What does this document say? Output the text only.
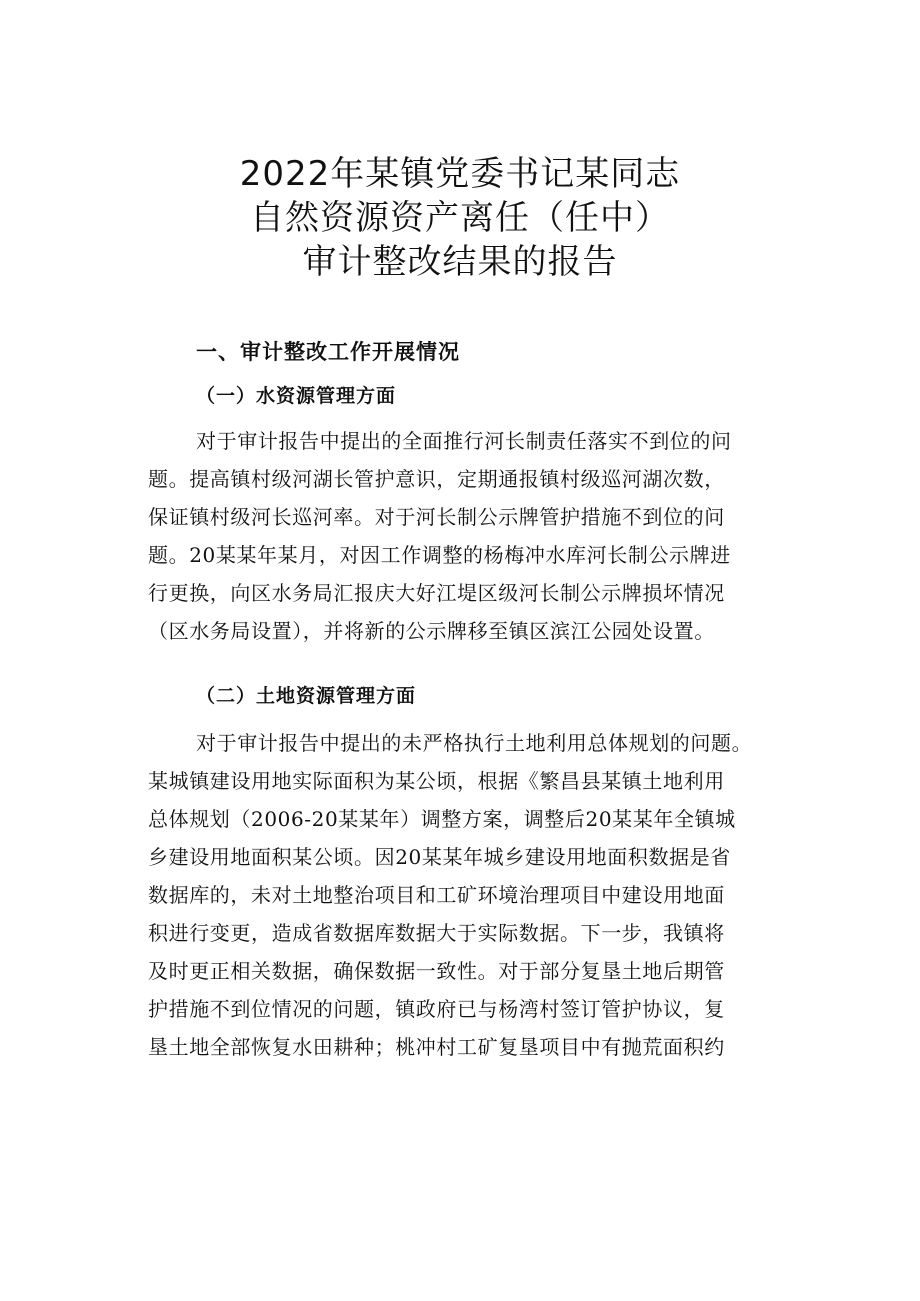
2022年某镇党委书记某同志
自然资源资产离任（任中）
审计整改结果的报告
一、审计整改工作开展情况
（一）水资源管理方面
对于审计报告中提出的全面推行河长制责任落实不到位的问
题。提高镇村级河湖长管护意识，定期通报镇村级巡河湖次数，
保证镇村级河长巡河率。对于河长制公示牌管护措施不到位的问
题。20某某年某月，对因工作调整的杨梅冲水库河长制公示牌进
行更换，向区水务局汇报庆大好江堤区级河长制公示牌损坏情况
（区水务局设置），并将新的公示牌移至镇区滨江公园处设置。
（二）土地资源管理方面
对于审计报告中提出的未严格执行土地利用总体规划的问题。
某城镇建设用地实际面积为某公顷，根据《繁昌县某镇土地利用
总体规划（2006-20某某年）调整方案，调整后20某某年全镇城
乡建设用地面积某公顷。因20某某年城乡建设用地面积数据是省
数据库的，未对土地整治项目和工矿环境治理项目中建设用地面
积进行变更，造成省数据库数据大于实际数据。下一步，我镇将
及时更正相关数据，确保数据一致性。对于部分复垦土地后期管
护措施不到位情况的问题，镇政府已与杨湾村签订管护协议，复
垦土地全部恢复水田耕种；桃冲村工矿复垦项目中有抛荒面积约
